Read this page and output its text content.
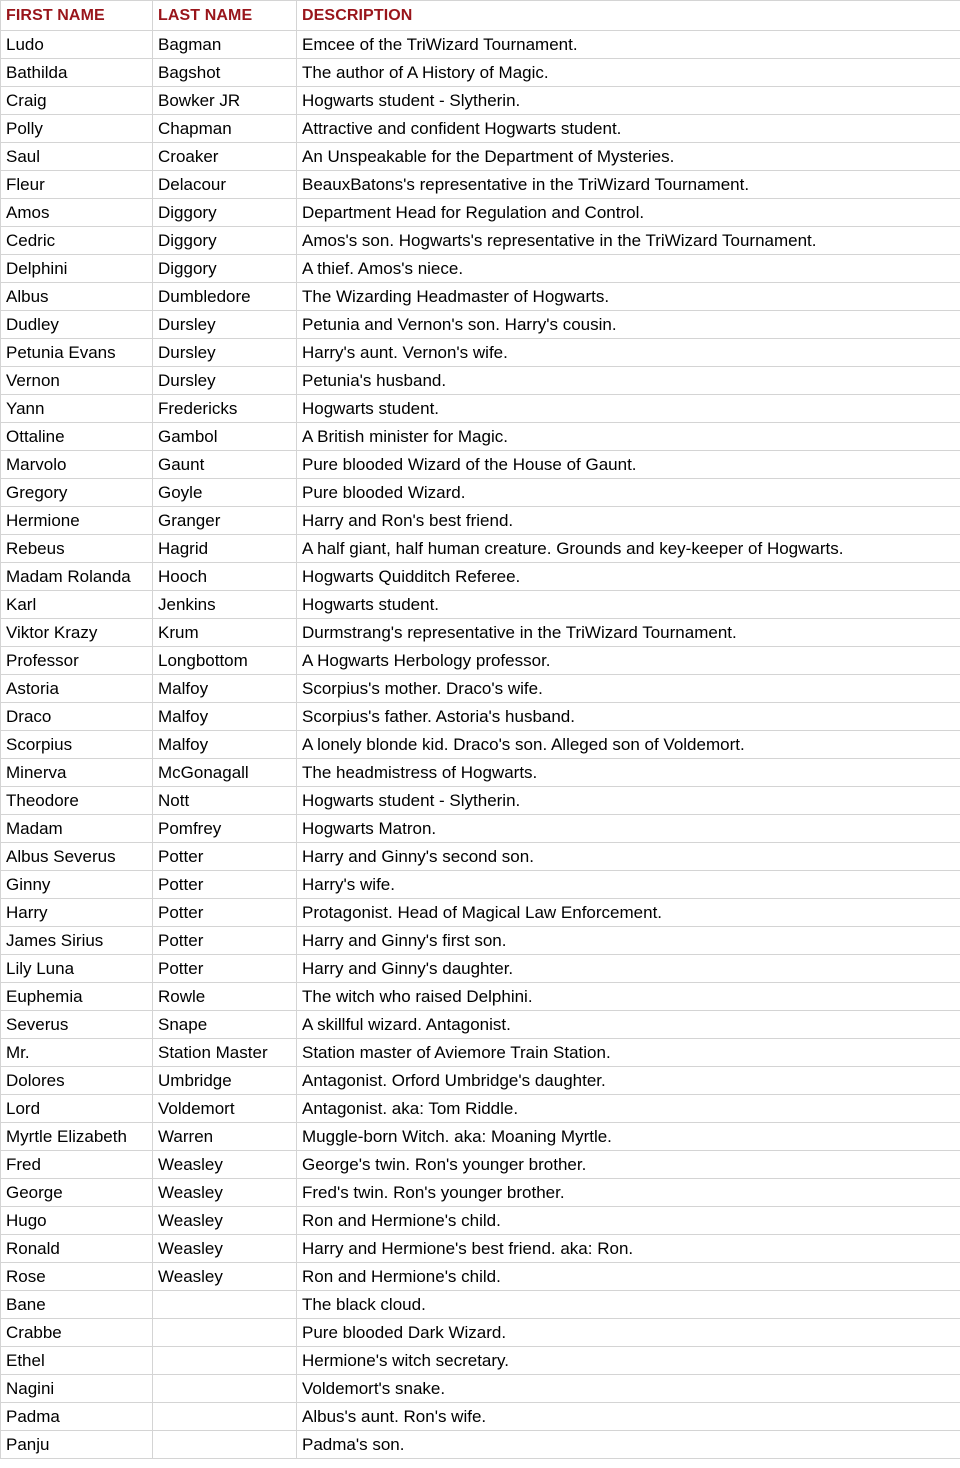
FIRST NAME	LAST NAME	DESCRIPTION
Ludo	Bagman	Emcee of the TriWizard Tournament.
Bathilda	Bagshot	The author of A History of Magic.
Craig	Bowker JR	Hogwarts student - Slytherin.
Polly	Chapman	Attractive and confident Hogwarts student.
Saul	Croaker	An Unspeakable for the Department of Mysteries.
Fleur	Delacour	BeauxBatons's representative in the TriWizard Tournament.
Amos	Diggory	Department Head for Regulation and Control.
Cedric	Diggory	Amos's son. Hogwarts's representative in the TriWizard Tournament.
Delphini	Diggory	A thief. Amos's niece.
Albus	Dumbledore	The Wizarding Headmaster of Hogwarts.
Dudley	Dursley	Petunia and Vernon's son. Harry's cousin.
Petunia Evans	Dursley	Harry's aunt. Vernon's wife.
Vernon	Dursley	Petunia's husband.
Yann	Fredericks	Hogwarts student.
Ottaline	Gambol	A British minister for Magic.
Marvolo	Gaunt	Pure blooded Wizard of the House of Gaunt.
Gregory	Goyle	Pure blooded Wizard.
Hermione	Granger	Harry and Ron's best friend.
Rebeus	Hagrid	A half giant, half human creature. Grounds and key-keeper of Hogwarts.
Madam Rolanda	Hooch	Hogwarts Quidditch Referee.
Karl	Jenkins	Hogwarts student.
Viktor Krazy	Krum	Durmstrang's representative in the TriWizard Tournament.
Professor	Longbottom	A Hogwarts Herbology professor.
Astoria	Malfoy	Scorpius's mother. Draco's wife.
Draco	Malfoy	Scorpius's father. Astoria's husband.
Scorpius	Malfoy	A lonely blonde kid. Draco's son. Alleged son of Voldemort.
Minerva	McGonagall	The headmistress of Hogwarts.
Theodore	Nott	Hogwarts student - Slytherin.
Madam	Pomfrey	Hogwarts Matron.
Albus Severus	Potter	Harry and Ginny's second son.
Ginny	Potter	Harry's wife.
Harry	Potter	Protagonist. Head of Magical Law Enforcement.
James Sirius	Potter	Harry and Ginny's first son.
Lily Luna	Potter	Harry and Ginny's daughter.
Euphemia	Rowle	The witch who raised Delphini.
Severus	Snape	A skillful wizard. Antagonist.
Mr.	Station Master	Station master of Aviemore Train Station.
Dolores	Umbridge	Antagonist. Orford Umbridge's daughter.
Lord	Voldemort	Antagonist. aka: Tom Riddle.
Myrtle Elizabeth	Warren	Muggle-born Witch. aka: Moaning Myrtle.
Fred	Weasley	George's twin. Ron's younger brother.
George	Weasley	Fred's twin. Ron's younger brother.
Hugo	Weasley	Ron and Hermione's child.
Ronald	Weasley	Harry and Hermione's best friend. aka: Ron.
Rose	Weasley	Ron and Hermione's child.
Bane		The black cloud.
Crabbe		Pure blooded Dark Wizard.
Ethel		Hermione's witch secretary.
Nagini		Voldemort's snake.
Padma		Albus's aunt. Ron's wife.
Panju		Padma's son.
